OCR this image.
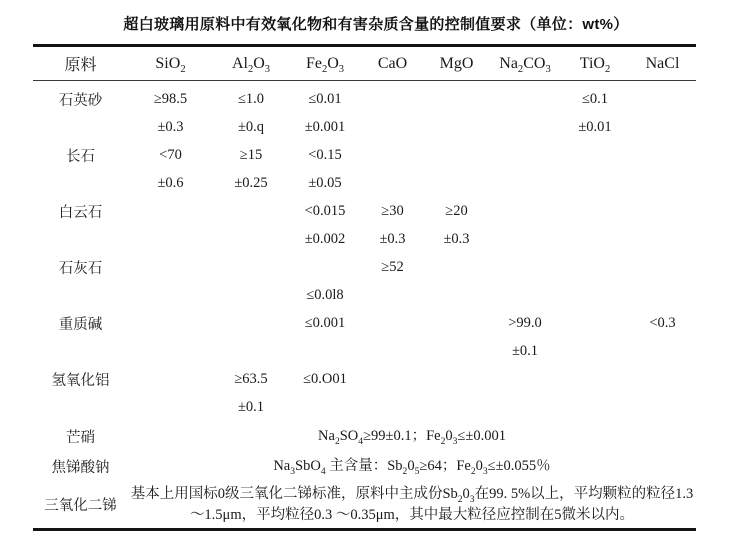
超白玻璃用原料中有效氧化物和有害杂质含量的控制值要求（单位：wt%）
原料	SiO$_2$	$Al_2O_3$	$Fe_2O_3$	CaO	MgO	$Na_2CO_3$	TiO$_2$	NaCl
石英砂	≥98.5	≤1.0	≤0.01				≤0.1	
	±0.3	±0.q	±0.001				±0.01	
长石	<70	≥15	<0.15					
	±0.6	±0.25	±0.05					
白云石			<0.015	≥30	≥20			
			±0.002	±0.3	±0.3			
石灰石				≥52				
			≤0.0l8					
重质碱			≤0.001			>99.0		<0.3
						±0.1		
氢氧化铝		≥63.5	≤0.O01					
		±0.1						
芒硝	$Na_2SO_4\ge 99\pm 0.1$；$Fe_20_3\le\pm 0.001$							
焦锑酸钠	$Na_3SbO_4$ 主含量：$Sb_20_5\ge 64$；$Fe_20_3\le\pm 0.055$％							
三氧化二锑	基本上用国标0级三氧化二锑标准，原料中主成份$Sb_20_3$在99. 5%以上，平均颗粒的粒径1.3～1.5μm，平均粒径0.3 ～0.35μm，其中最大粒径应控制在5微米以内。							
